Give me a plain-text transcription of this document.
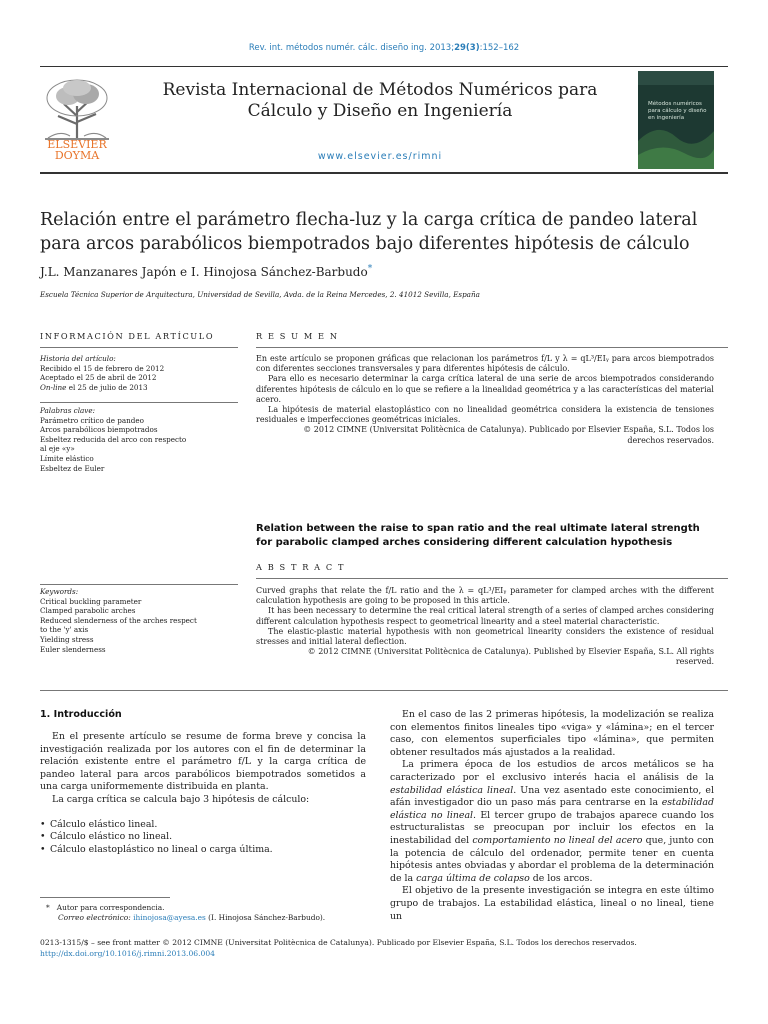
Rev. int. métodos numér. cálc. diseño ing. 2013;29(3):152–162
ELSEVIER
DOYMA
Revista Internacional de Métodos Numéricos para
Cálculo y Diseño en Ingeniería
www.elsevier.es/rimni
Métodos numéricos para cálculo y diseño en ingeniería
Relación entre el parámetro flecha-luz y la carga crítica de pandeo lateral
para arcos parabólicos biempotrados bajo diferentes hipótesis de cálculo
J.L. Manzanares Japón e I. Hinojosa Sánchez-Barbudo*
Escuela Técnica Superior de Arquitectura, Universidad de Sevilla, Avda. de la Reina Mercedes, 2. 41012 Sevilla, España
INFORMACIÓN DEL ARTÍCULO	R E S U M E N
Historia del artículo:
Recibido el 15 de febrero de 2012
Aceptado el 25 de abril de 2012
On-line el 25 de julio de 2013
Palabras clave:
Parámetro crítico de pandeo
Arcos parabólicos biempotrados
Esbeltez reducida del arco con respecto
al eje «y»
Límite elástico
Esbeltez de Euler
En este artículo se proponen gráficas que relacionan los parámetros f/L y λ = qL³/EIᵧ para arcos biempotrados con diferentes secciones transversales y para diferentes hipótesis de cálculo.
Para ello es necesario determinar la carga crítica lateral de una serie de arcos biempotrados considerando diferentes hipótesis de cálculo en lo que se refiere a la linealidad geométrica y a las características del material acero.
La hipótesis de material elastoplástico con no linealidad geométrica considera la existencia de tensiones residuales e imperfecciones geométricas iniciales.
© 2012 CIMNE (Universitat Politècnica de Catalunya). Publicado por Elsevier España, S.L. Todos los
derechos reservados.
Relation between the raise to span ratio and the real ultimate lateral strength
for parabolic clamped arches considering different calculation hypothesis
A B S T R A C T
Keywords:
Critical buckling parameter
Clamped parabolic arches
Reduced slenderness of the arches respect
to the 'y' axis
Yielding stress
Euler slenderness
Curved graphs that relate the f/L ratio and the λ = qL³/EIᵧ parameter for clamped arches with the different calculation hypothesis are going to be proposed in this article.
It has been necessary to determine the real critical lateral strength of a series of clamped arches considering different calculation hypothesis respect to geometrical linearity and a steel material characteristic.
The elastic-plastic material hypothesis with non geometrical linearity considers the existence of residual stresses and initial lateral deflection.
© 2012 CIMNE (Universitat Politècnica de Catalunya). Published by Elsevier España, S.L. All rights
reserved.
1. Introducción
En el presente artículo se resume de forma breve y concisa la investigación realizada por los autores con el fin de determinar la relación existente entre el parámetro f/L y la carga crítica de pandeo lateral para arcos parabólicos biempotrados sometidos a una carga uniformemente distribuida en planta.
La carga crítica se calcula bajo 3 hipótesis de cálculo:
• Cálculo elástico lineal.
• Cálculo elástico no lineal.
• Cálculo elastoplástico no lineal o carga última.
* Autor para correspondencia.
Correo electrónico: ihinojosa@ayesa.es (I. Hinojosa Sánchez-Barbudo).
En el caso de las 2 primeras hipótesis, la modelización se realiza con elementos finitos lineales tipo «viga» y «lámina»; en el tercer caso, con elementos superficiales tipo «lámina», que permiten obtener resultados más ajustados a la realidad.
La primera época de los estudios de arcos metálicos se ha caracterizado por el exclusivo interés hacia el análisis de la estabilidad elástica lineal. Una vez asentado este conocimiento, el afán investigador dio un paso más para centrarse en la estabilidad elástica no lineal. El tercer grupo de trabajos aparece cuando los estructuralistas se preocupan por incluir los efectos en la inestabilidad del comportamiento no lineal del acero que, junto con la potencia de cálculo del ordenador, permite tener en cuenta hipótesis antes obviadas y abordar el problema de la determinación de la carga última de colapso de los arcos.
El objetivo de la presente investigación se integra en este último grupo de trabajos. La estabilidad elástica, lineal o no lineal, tiene un
0213-1315/$ – see front matter © 2012 CIMNE (Universitat Politècnica de Catalunya). Publicado por Elsevier España, S.L. Todos los derechos reservados.
http://dx.doi.org/10.1016/j.rimni.2013.06.004
